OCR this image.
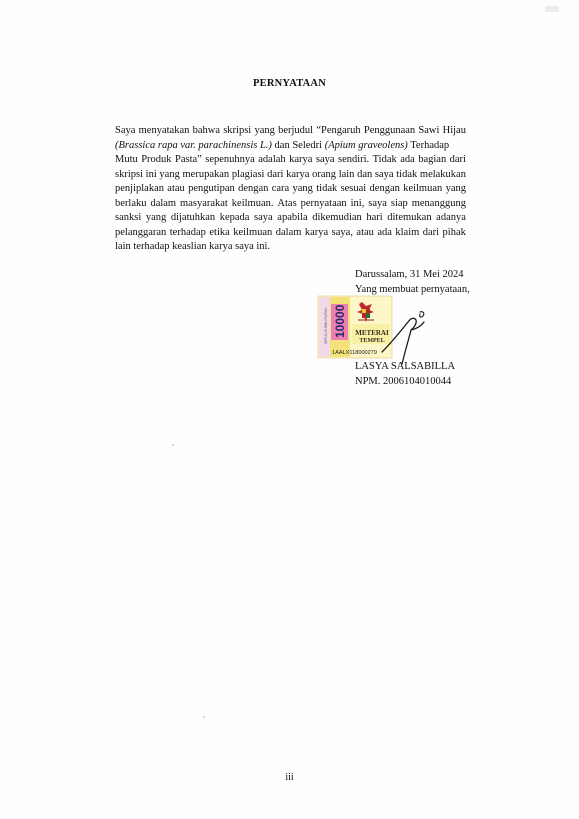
PERNYATAAN
Saya menyatakan bahwa skripsi yang berjudul “Pengaruh Penggunaan Sawi Hijau
(Brassica rapa var. parachinensis L.) dan Seledri (Apium graveolens) Terhadap
Mutu Produk Pasta” sepenuhnya adalah karya saya sendiri. Tidak ada bagian dari
skripsi ini yang merupakan plagiasi dari karya orang lain dan saya tidak melakukan
penjiplakan atau pengutipan dengan cara yang tidak sesuai dengan keilmuan yang
berlaku dalam masyarakat keilmuan. Atas pernyataan ini, saya siap menanggung
sanksi yang dijatuhkan kepada saya apabila dikemudian hari ditemukan adanya
pelanggaran terhadap etika keilmuan dalam karya saya, atau ada klaim dari pihak
lain terhadap keaslian karya saya ini.
Darussalam, 31 Mei 2024
Yang membuat pernyataan,
10000
SEPULUH RIBU RUPIAH	METERAI
TEMPEL
1AALX118000279
LASYA SALSABILLA
NPM. 2006104010044
iii
